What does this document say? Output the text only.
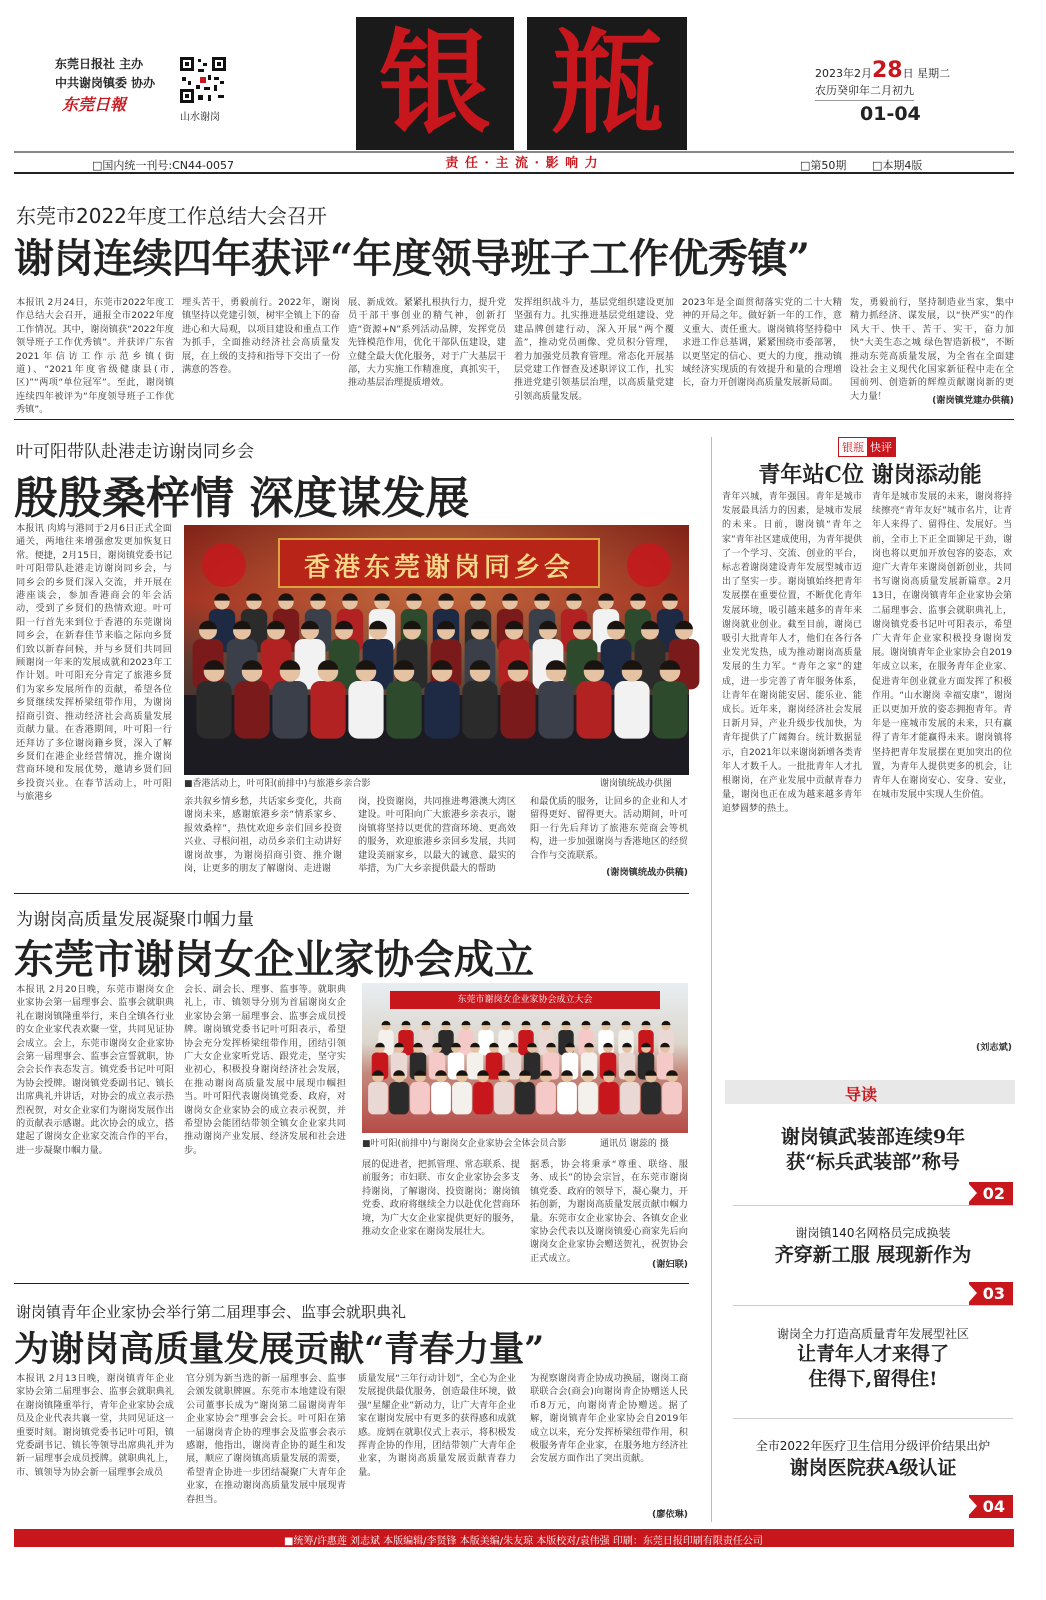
东莞日报社 主办
中共谢岗镇委 协办
东莞日報
山水谢岗 银 瓶
责 任 · 主 流 · 影 响 力
2023年2月28日 星期二
农历癸卯年二月初九
01-04
□国内统一刊号:CN44-0057	□第50期 □本期4版
东莞市2022年度工作总结大会召开
谢岗连续四年获评“年度领导班子工作优秀镇”
本报讯 2月24日，东莞市2022年度工作总结大会召开，通报全市2022年度工作情况。其中，谢岗镇获“2022年度领导班子工作优秀镇”。并获评广东省2021年信访工作示范乡镇(街道)、“2021年度省级健康县(市,区)”“两项“单位冠军”。至此，谢岗镇连续四年被评为“年度领导班子工作优秀镇”。
埋头苦干，勇毅前行。2022年，谢岗镇坚持以党建引领，树牢全镇上下的奋进心和大局观，以项目建设和重点工作为抓手，全面推动经济社会高质量发展，在上级的支持和指导下交出了一份满意的答卷。
展、新成效。紧紧扎根执行力，提升党员干部干事创业的精气神，创新打造“资源+N”系列活动品牌，发挥党员先锋模范作用，优化干部队伍建设，建立健全最大优化服务，对于广大基层干部，大力实施工作精准度，真抓实干，推动基层治理提质增效。
发挥组织战斗力，基层党组织建设更加坚强有力。扎实推进基层党组建设、党建品牌创建行动，深入开展“两个覆盖”，推动党员画像、党员积分管理，着力加强党员教育管理。常态化开展基层党建工作督查及述职评议工作，扎实推进党建引领基层治理，以高质量党建引领高质量发展。
2023年是全面贯彻落实党的二十大精神的开局之年。做好新一年的工作，意义重大、责任重大。谢岗镇将坚持稳中求进工作总基调，紧紧围绕市委部署，以更坚定的信心、更大的力度，推动镇域经济实现质的有效提升和量的合理增长，奋力开创谢岗高质量发展新局面。
发，勇毅前行，坚持制造业当家，集中精力抓经济、谋发展，以“快严实”的作风大干、快干、苦干、实干，奋力加快“大美生态之城 绿色智造新极”，不断推动东莞高质量发展，为全省在全面建设社会主义现代化国家新征程中走在全国前列、创造新的辉煌贡献谢岗新的更大力量！	(谢岗镇党建办供稿)
叶可阳带队赴港走访谢岗同乡会
殷殷桑梓情 深度谋发展
本报讯 肉鸠与港同于2月6日正式全面通关，两地往来增强愈发更加恢复日常。便捷，2月15日，谢岗镇党委书记叶可阳带队赴港走访谢岗同乡会，与同乡会的乡贤们深入交流，并开展在港座谈会，参加香港商会的年会活动，受到了乡贤们的热情欢迎。叶可阳一行首先来到位于香港的东莞谢岗同乡会，在新春佳节来临之际向乡贤们致以新春问候，并与乡贤们共同回顾谢岗一年来的发展成就和2023年工作计划。叶可阳充分肯定了旅港乡贤们为家乡发展所作的贡献，希望各位乡贤继续发挥桥梁纽带作用，为谢岗招商引资、推动经济社会高质量发展贡献力量。在香港期间，叶可阳一行还拜访了多位谢岗籍乡贤，深入了解乡贤们在港企业经营情况，推介谢岗营商环境和发展优势，邀请乡贤们回乡投资兴业。在春节活动上，叶可阳与旅港乡
香港东莞谢岗同乡会
■香港活动上，叶可阳(前排中)与旅港乡亲合影	谢岗镇统战办供图
亲共叙乡情乡愁，共话家乡变化，共商谢岗未来，感谢旅港乡亲“情系家乡、报效桑梓”，热忱欢迎乡亲们回乡投资兴业、寻根问祖，动员乡亲们主动讲好谢岗故事，为谢岗招商引资、推介谢岗，让更多的朋友了解谢岗、走进谢
岗，投资谢岗，共同推进粤港澳大湾区建设。叶可阳向广大旅港乡亲表示，谢岗镇将坚持以更优的营商环境、更高效的服务，欢迎旅港乡亲回乡发展，共同建设美丽家乡，以最大的诚意、最实的举措，为广大乡亲提供最大的帮助
和最优质的服务，让回乡的企业和人才留得更好、留得更大。活动期间，叶可阳一行先后拜访了旅港东莞商会等机构，进一步加强谢岗与香港地区的经贸合作与交流联系。
(谢岗镇统战办供稿)
为谢岗高质量发展凝聚巾帼力量
东莞市谢岗女企业家协会成立
本报讯 2月20日晚，东莞市谢岗女企业家协会第一届理事会、监事会就职典礼在谢岗镇隆重举行，来自全镇各行业的女企业家代表欢聚一堂，共同见证协会成立。会上，东莞市谢岗女企业家协会第一届理事会、监事会宣誓就职，协会会长作表态发言。镇党委书记叶可阳为协会授牌。谢岗镇党委副书记、镇长出席典礼并讲话，对协会的成立表示热烈祝贺，对女企业家们为谢岗发展作出的贡献表示感谢。此次协会的成立，搭建起了谢岗女企业家交流合作的平台，进一步凝聚巾帼力量。
会长、副会长、理事、监事等。就职典礼上，市、镇领导分别为首届谢岗女企业家协会第一届理事会、监事会成员授牌。谢岗镇党委书记叶可阳表示，希望协会充分发挥桥梁纽带作用，团结引领广大女企业家听党话、跟党走，坚守实业初心，积极投身谢岗经济社会发展，在推动谢岗高质量发展中展现巾帼担当。叶可阳代表谢岗镇党委、政府，对谢岗女企业家协会的成立表示祝贺，并希望协会能团结带领全镇女企业家共同推动谢岗产业发展、经济发展和社会进步。
东莞市谢岗女企业家协会成立大会
■叶可阳(前排中)与谢岗女企业家协会全体会员合影	通讯员 谢蕊的 摄
展的促进者，把抓管理、常态联系、提前服务；市妇联、市女企业家协会多支持谢岗，了解谢岗、投资谢岗；谢岗镇党委、政府将继续全力以赴优化营商环境，为广大女企业家提供更好的服务，推动女企业家在谢岗发展壮大。
据悉，协会将秉承“尊重、联络、服务、成长”的协会宗旨，在东莞市谢岗镇党委、政府的领导下，凝心聚力，开拓创新，为谢岗高质量发展贡献巾帼力量。东莞市女企业家协会、各镇女企业家协会代表以及谢岗镇爱心商家先后向谢岗女企业家协会赠送贺礼，祝贺协会正式成立。
(谢妇联)
谢岗镇青年企业家协会举行第二届理事会、监事会就职典礼
为谢岗高质量发展贡献“青春力量”
本报讯 2月13日晚，谢岗镇青年企业家协会第二届理事会、监事会就职典礼在谢岗镇隆重举行，青年企业家协会成员及企业代表共襄一堂，共同见证这一重要时刻。谢岗镇党委书记叶可阳，镇党委副书记、镇长等领导出席典礼并为新一届理事会成员授牌。就职典礼上，市、镇领导为协会新一届理事会成员
官分别为新当选的新一届理事会、监事会颁发就职牌匾。东莞市本地建设有限公司董事长成为“谢岗第二届谢岗青年企业家协会”理事会会长。叶可阳在第一届谢岗青企协的理事会及监事会表示感谢，他指出，谢岗青企协的诞生和发展，顺应了谢岗镇高质量发展的需要，希望青企协进一步团结凝聚广大青年企业家，在推动谢岗高质量发展中展现青春担当。
质量发展“三年行动计划”，全心为企业发展提供最优服务，创造最佳环境，做强“星耀企业”新动力，让广大青年企业家在谢岗发展中有更多的获得感和成就感。庞炳在就职仪式上表示，将积极发挥青企协的作用，团结带领广大青年企业家，为谢岗高质量发展贡献青春力量。
为视察谢岗青企协成功换届，谢岗工商联联合会(商会)向谢岗青企协赠送人民币8万元，向谢岗青企协赠送。据了解，谢岗镇青年企业家协会自2019年成立以来，充分发挥桥梁纽带作用，积极服务青年企业家，在服务地方经济社会发展方面作出了突出贡献。
(廖依琳)
银瓶 快评
青年站C位 谢岗添动能
青年兴城，青年强国。青年是城市发展最具活力的因素，是城市发展的未来。日前，谢岗镇“青年之家”青年社区建成使用，为青年提供了一个学习、交流、创业的平台，标志着谢岗建设青年发展型城市迈出了坚实一步。谢岗镇始终把青年发展摆在重要位置，不断优化青年发展环境，吸引越来越多的青年来谢岗就业创业。截至目前，谢岗已吸引大批青年人才，他们在各行各业发光发热，成为推动谢岗高质量发展的生力军。“青年之家”的建成，进一步完善了青年服务体系，让青年在谢岗能安居、能乐业、能成长。近年来，谢岗经济社会发展日新月异，产业升级步伐加快，为青年提供了广阔舞台。统计数据显示，自2021年以来谢岗新增各类青年人才数千人。一批批青年人才扎根谢岗，在产业发展中贡献青春力量，谢岗也正在成为越来越多青年追梦圆梦的热土。
青年是城市发展的未来，谢岗将持续擦亮“青年友好”城市名片，让青年人来得了、留得住、发展好。当前，全市上下正全面铆足干劲，谢岗也将以更加开放包容的姿态，欢迎广大青年来谢岗创新创业，共同书写谢岗高质量发展新篇章。2月13日，在谢岗镇青年企业家协会第二届理事会、监事会就职典礼上，谢岗镇党委书记叶可阳表示，希望广大青年企业家积极投身谢岗发展。谢岗镇青年企业家协会自2019年成立以来，在服务青年企业家、促进青年创业就业方面发挥了积极作用。“山水谢岗 幸福安康”，谢岗正以更加开放的姿态拥抱青年。青年是一座城市发展的未来，只有赢得了青年才能赢得未来。谢岗镇将坚持把青年发展摆在更加突出的位置，为青年人提供更多的机会，让青年人在谢岗安心、安身、安业，在城市发展中实现人生价值。
(刘志斌)
导读
谢岗镇武装部连续9年
获“标兵武装部”称号
02
谢岗镇140名网格员完成换装
齐穿新工服 展现新作为
03
谢岗全力打造高质量青年发展型社区
让青年人才来得了
住得下,留得住!
全市2022年医疗卫生信用分级评价结果出炉
谢岗医院获A级认证
04
■统筹/许惠莲 刘志斌 本版编辑/李贤锋 本版美编/朱友琼 本版校对/袁伟强 印刷：东莞日报印刷有限责任公司
